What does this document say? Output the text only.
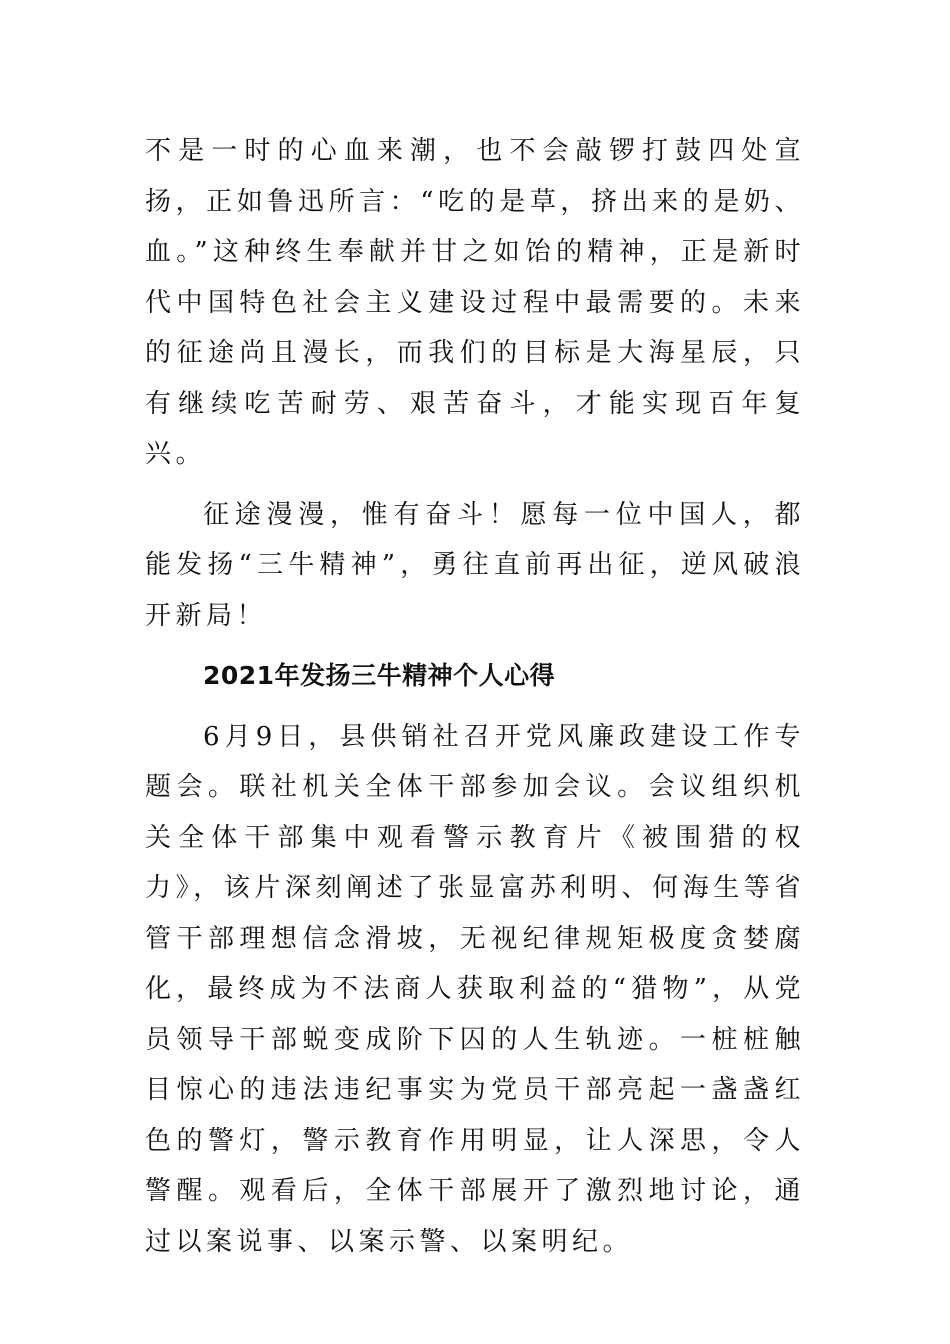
不是一时的心血来潮，也不会敲锣打鼓四处宣扬，正如鲁迅所言：“吃的是草，挤出来的是奶、血。”这种终生奉献并甘之如饴的精神，正是新时代中国特色社会主义建设过程中最需要的。未来的征途尚且漫长，而我们的目标是大海星辰，只有继续吃苦耐劳、艰苦奋斗，才能实现百年复兴。

征途漫漫，惟有奋斗！愿每一位中国人，都能发扬“三牛精神”，勇往直前再出征，逆风破浪开新局！

2021年发扬三牛精神个人心得

6月9日，县供销社召开党风廉政建设工作专题会。联社机关全体干部参加会议。会议组织机关全体干部集中观看警示教育片《被围猎的权力》，该片深刻阐述了张显富苏利明、何海生等省管干部理想信念滑坡，无视纪律规矩极度贪婪腐化，最终成为不法商人获取利益的“猎物”，从党员领导干部蜕变成阶下囚的人生轨迹。一桩桩触目惊心的违法违纪事实为党员干部亮起一盏盏红色的警灯，警示教育作用明显，让人深思，令人警醒。观看后，全体干部展开了激烈地讨论，通过以案说事、以案示警、以案明纪。
